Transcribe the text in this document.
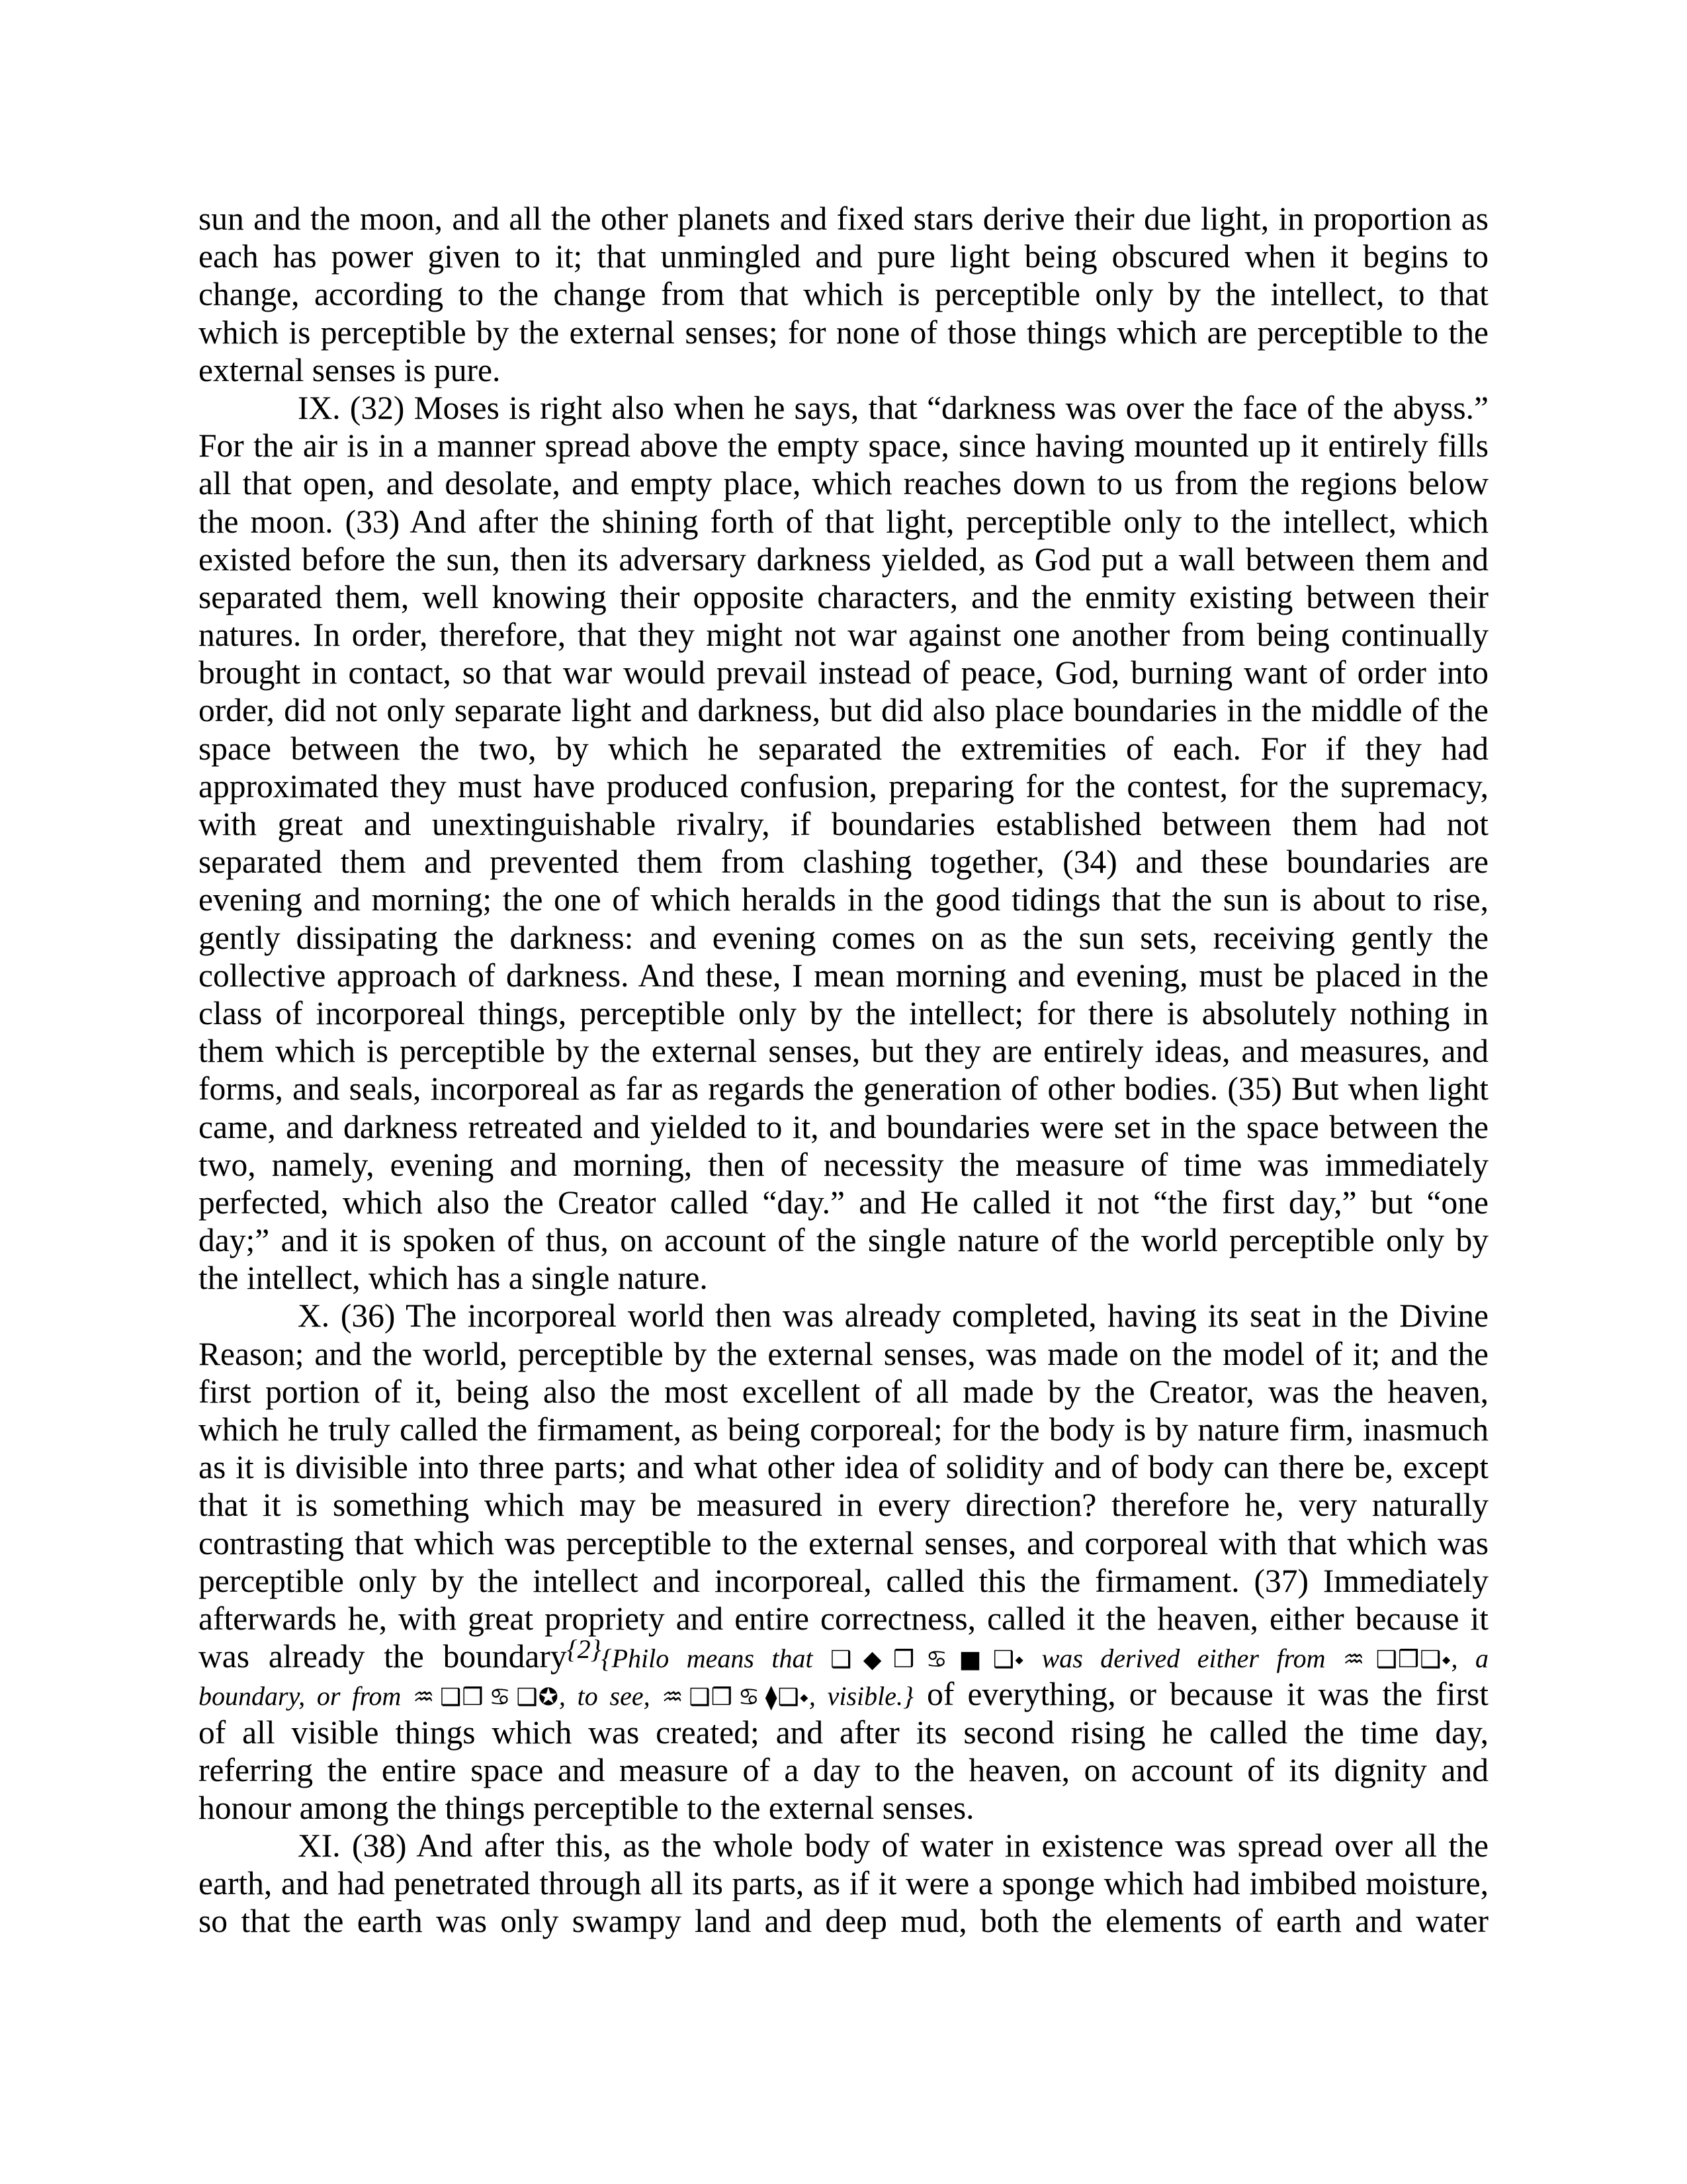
sun and the moon, and all the other planets and fixed stars derive their due light, in proportion as
each has power given to it; that unmingled and pure light being obscured when it begins to
change, according to the change from that which is perceptible only by the intellect, to that
which is perceptible by the external senses; for none of those things which are perceptible to the
external senses is pure.
IX. (32) Moses is right also when he says, that “darkness was over the face of the abyss.”
For the air is in a manner spread above the empty space, since having mounted up it entirely fills
all that open, and desolate, and empty place, which reaches down to us from the regions below
the moon. (33) And after the shining forth of that light, perceptible only to the intellect, which
existed before the sun, then its adversary darkness yielded, as God put a wall between them and
separated them, well knowing their opposite characters, and the enmity existing between their
natures. In order, therefore, that they might not war against one another from being continually
brought in contact, so that war would prevail instead of peace, God, burning want of order into
order, did not only separate light and darkness, but did also place boundaries in the middle of the
space between the two, by which he separated the extremities of each. For if they had
approximated they must have produced confusion, preparing for the contest, for the supremacy,
with great and unextinguishable rivalry, if boundaries established between them had not
separated them and prevented them from clashing together, (34) and these boundaries are
evening and morning; the one of which heralds in the good tidings that the sun is about to rise,
gently dissipating the darkness: and evening comes on as the sun sets, receiving gently the
collective approach of darkness. And these, I mean morning and evening, must be placed in the
class of incorporeal things, perceptible only by the intellect; for there is absolutely nothing in
them which is perceptible by the external senses, but they are entirely ideas, and measures, and
forms, and seals, incorporeal as far as regards the generation of other bodies. (35) But when light
came, and darkness retreated and yielded to it, and boundaries were set in the space between the
two, namely, evening and morning, then of necessity the measure of time was immediately
perfected, which also the Creator called “day.” and He called it not “the first day,” but “one
day;” and it is spoken of thus, on account of the single nature of the world perceptible only by
the intellect, which has a single nature.
X. (36) The incorporeal world then was already completed, having its seat in the Divine
Reason; and the world, perceptible by the external senses, was made on the model of it; and the
first portion of it, being also the most excellent of all made by the Creator, was the heaven,
which he truly called the firmament, as being corporeal; for the body is by nature firm, inasmuch
as it is divisible into three parts; and what other idea of solidity and of body can there be, except
that it is something which may be measured in every direction? therefore he, very naturally
contrasting that which was perceptible to the external senses, and corporeal with that which was
perceptible only by the intellect and incorporeal, called this the firmament. (37) Immediately
afterwards he, with great propriety and entire correctness, called it the heaven, either because it
was already the boundary$^{\{2\}}${Philo means that ❑◆❒♋■❑⬩ was derived either from ♒❑❒❑⬩, a
boundary, or from ♒❑❒♋❑✪, to see, ♒❑❒♋⧫❑⬩, visible.} of everything, or because it was the first
of all visible things which was created; and after its second rising he called the time day,
referring the entire space and measure of a day to the heaven, on account of its dignity and
honour among the things perceptible to the external senses.
XI. (38) And after this, as the whole body of water in existence was spread over all the
earth, and had penetrated through all its parts, as if it were a sponge which had imbibed moisture,
so that the earth was only swampy land and deep mud, both the elements of earth and water
